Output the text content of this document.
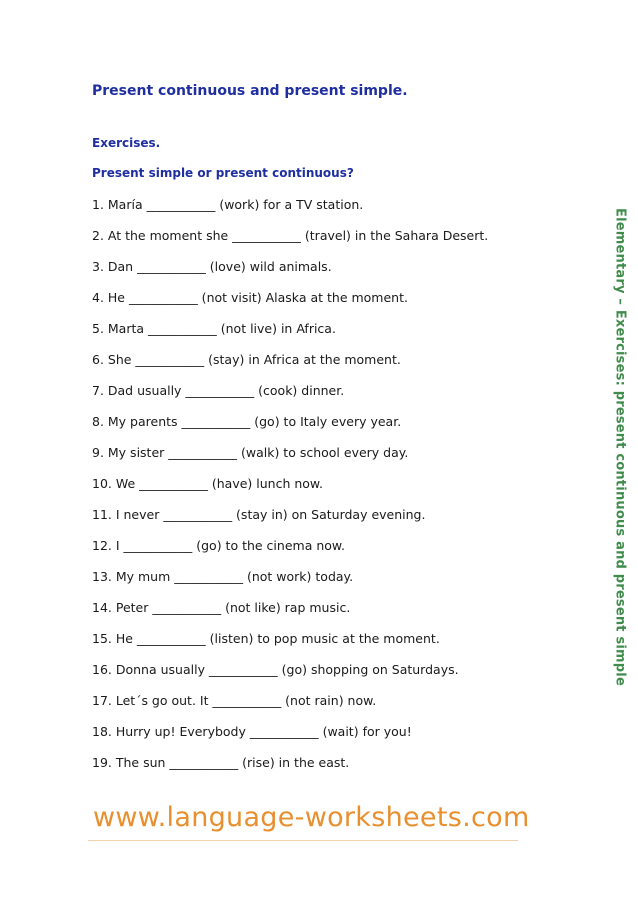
Present continuous and present simple.
Exercises.
Present simple or present continuous?
1. María ___________ (work) for a TV station.
2. At the moment she ___________ (travel) in the Sahara Desert.
3. Dan ___________ (love) wild animals.
4. He ___________ (not visit) Alaska at the moment.
5. Marta ___________ (not live) in Africa.
6. She ___________ (stay) in Africa at the moment.
7. Dad usually ___________ (cook) dinner.
8. My parents ___________ (go) to Italy every year.
9. My sister ___________ (walk) to school every day.
10. We ___________ (have) lunch now.
11. I never ___________ (stay in) on Saturday evening.
12. I ___________ (go) to the cinema now.
13. My mum ___________ (not work) today.
14. Peter ___________ (not like) rap music.
15. He ___________ (listen) to pop music at the moment.
16. Donna usually ___________ (go) shopping on Saturdays.
17. Let´s go out. It ___________ (not rain) now.
18. Hurry up! Everybody ___________ (wait) for you!
19. The sun ___________ (rise) in the east.
Elementary – Exercises: present continuous and present simple
www.language-worksheets.com
